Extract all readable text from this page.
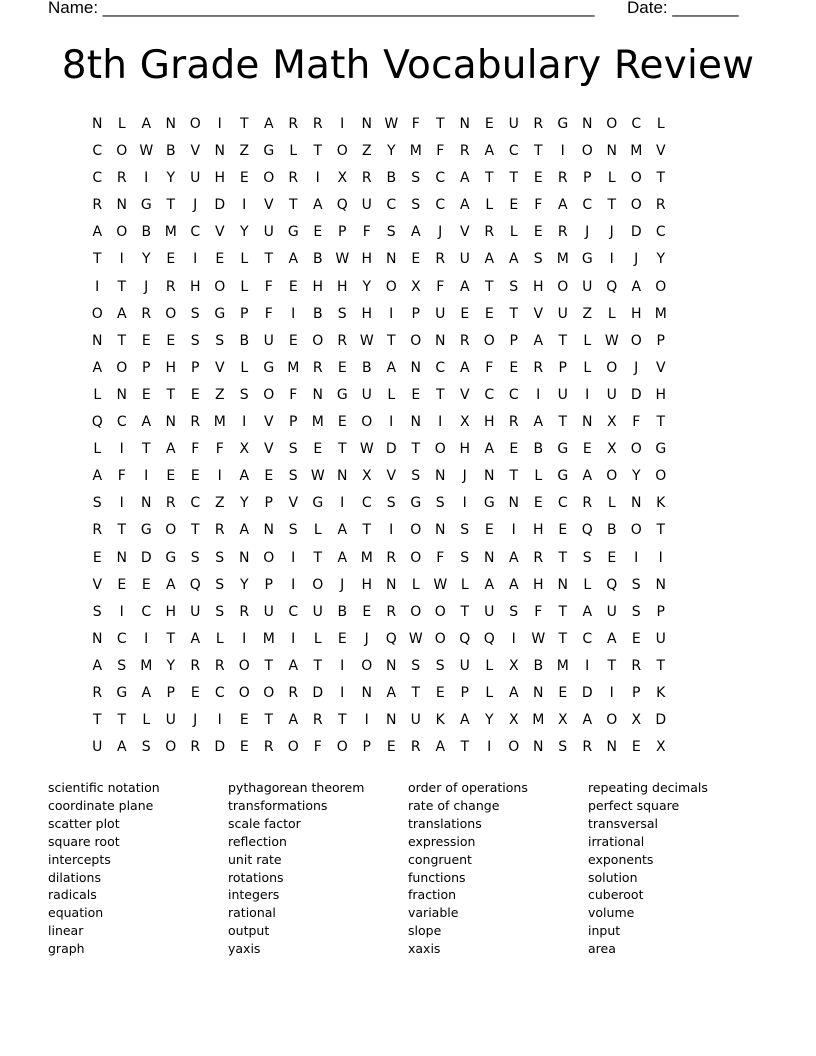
Name: ____________________________________________________

Date: _______

8th Grade Math Vocabulary Review
N	L	A	N O	I	T	A	R	R	I	N W F	T	N	E	U	R	G N O	C	L
C	O W B	V	N	Z	G	L	T	O	Z	Y	M	F	R	A	C	T	I	O N M V
C	R	I	Y	U	H	E	O	R	I	X	R	B	S	C	A	T	T	E	R	P	L	O	T
R	N G	T	J	D	I	V	T	A	Q U	C	S	C	A	L	E	F	A	C	T	O	R
A	O	B M C	V	Y	U G	E	P	F	S	A	J	V	R	L	E	R	J	J	D	C
T	I	Y	E	I	E	L	T	A	B W H N	E	R	U	A	A	S	M G	I	J	Y
I	T	J	R	H O	L	F	E	H H	Y	O	X	F	A	T	S	H O U Q	A	O
O	A	R	O	S	G	P	F	I	B	S	H	I	P	U	E	E	T	V	U	Z	L	H M
N	T	E	E	S	S	B	U	E	O	R W T	O N	R	O	P	A	T	L W O	P
A	O	P	H	P	V	L	G M R	E	B	A	N	C	A	F	E	R	P	L	O	J	V
L	N	E	T	E	Z	S	O	F	N G U	L	E	T	V	C	C	I	U	I	U D H
Q	C	A	N	R M	I	V	P	M	E	O	I	N	I	X	H	R	A	T	N	X	F	T
L	I	T	A	F	F	X	V	S	E	T W D	T	O H	A	E	B	G	E	X	O G
A	F	I	E	E	I	A	E	S W N	X	V	S	N	J	N	T	L	G	A	O	Y	O
S	I	N	R	C	Z	Y	P	V	G	I	C	S	G	S	I	G N	E	C	R	L	N	K
R	T	G O	T	R	A	N	S	L	A	T	I	O N	S	E	I	H	E	Q	B	O	T
E	N D G	S	S	N O	I	T	A M R	O	F	S	N	A	R	T	S	E	I	I
V	E	E	A	Q	S	Y	P	I	O	J	H N	L W L	A	A	H N	L	Q	S	N
S	I	C	H	U	S	R	U	C	U	B	E	R	O O	T	U	S	F	T	A	U	S	P
N	C	I	T	A	L	I	M	I	L	E	J	Q W O Q Q	I	W T	C	A	E	U
A	S	M	Y	R	R	O	T	A	T	I	O N	S	S	U	L	X	B M	I	T	R	T
R	G	A	P	E	C	O O	R	D	I	N	A	T	E	P	L	A	N	E	D	I	P	K
T	T	L	U	J	I	E	T	A	R	T	I	N	U	K	A	Y	X M X	A	O	X	D
U	A	S	O	R	D	E	R	O	F	O	P	E	R	A	T	I	O N	S	R	N	E	X
scientific notation
coordinate plane
scatter plot
square root
intercepts
dilations
radicals
equation
linear
graph
pythagorean theorem
transformations
scale factor
reflection
unit rate
rotations
integers
rational
output
yaxis
order of operations
rate of change
translations
expression
congruent
functions
fraction
variable
slope
xaxis
repeating decimals
perfect square
transversal
irrational
exponents
solution
cuberoot
volume
input
area
